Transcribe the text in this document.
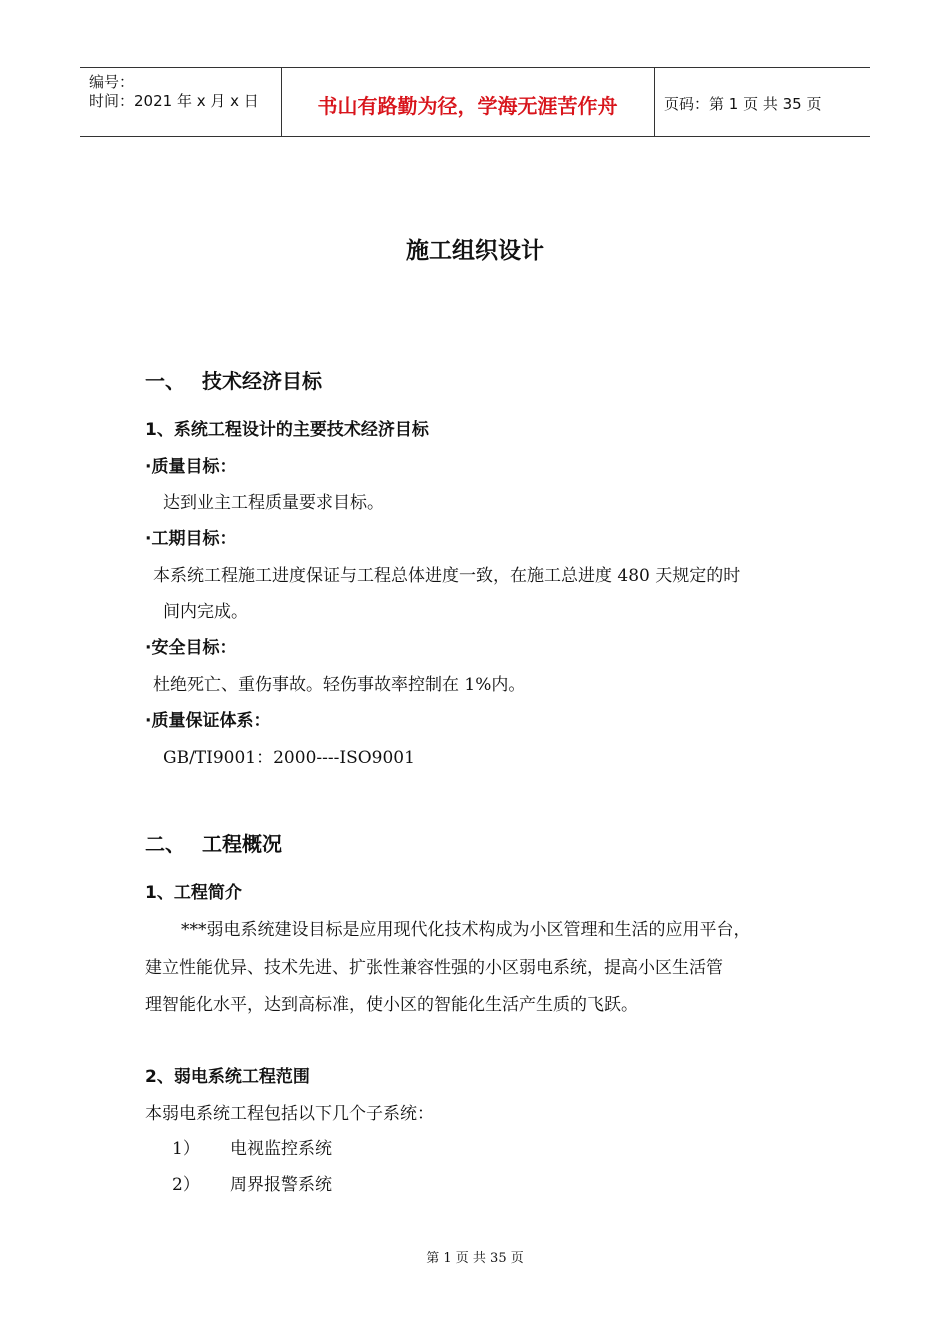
编号：
时间：2021 年 x 月 x 日	书山有路勤为径，学海无涯苦作舟	页码：第 1 页 共 35 页
施工组织设计
一、 技术经济目标
1、系统工程设计的主要技术经济目标
·质量目标：
达到业主工程质量要求目标。
·工期目标：
本系统工程施工进度保证与工程总体进度一致，在施工总进度 480 天规定的时
间内完成。
·安全目标：
杜绝死亡、重伤事故。轻伤事故率控制在 1%内。
·质量保证体系：
GB/TI9001：2000----ISO9001
二、 工程概况
1、工程简介
***弱电系统建设目标是应用现代化技术构成为小区管理和生活的应用平台，
建立性能优异、技术先进、扩张性兼容性强的小区弱电系统，提高小区生活管
理智能化水平，达到高标准，使小区的智能化生活产生质的飞跃。
2、弱电系统工程范围
本弱电系统工程包括以下几个子系统：
1） 电视监控系统
2） 周界报警系统
第 1 页 共 35 页
